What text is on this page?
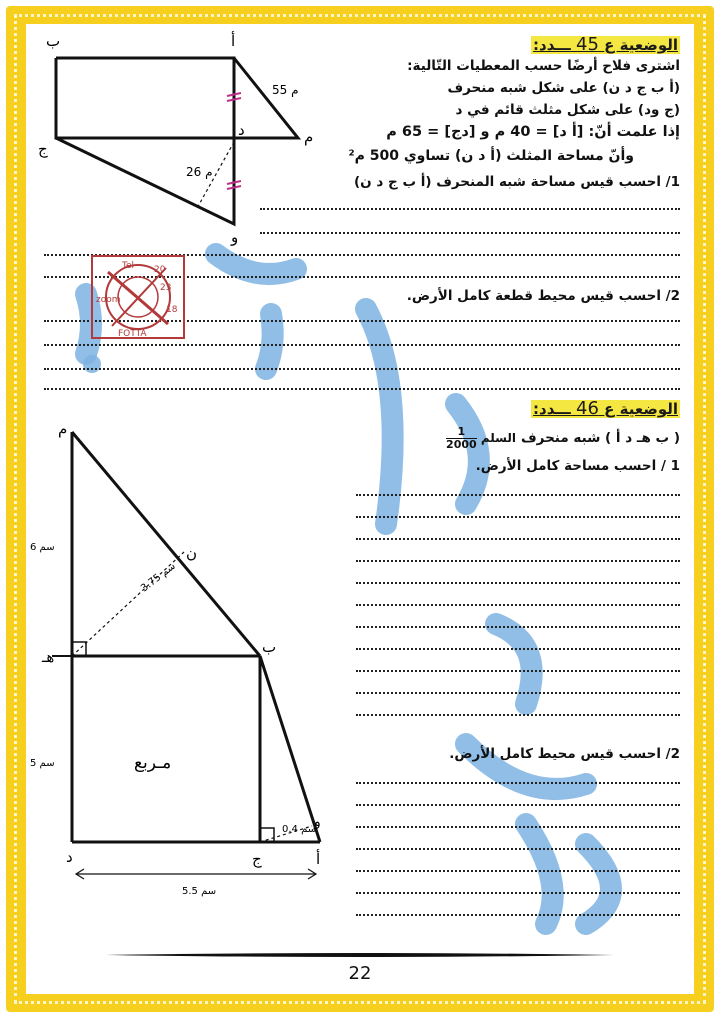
الوضعية ع 45 ـــدد:
اشترى فلاح أرضًا حسب المعطيات التّالية:
(أ ب ج د ن) على شكل شبه منحرف
(ج ود) على شكل مثلث قائم في د
إذا علمت أنّ: [أ د] = 40 م و [دج] = 65 م
وأنّ مساحة المثلث (أ د ن) تساوي 500 م²
1/ احسب قيس مساحة شبه المنحرف (أ ب ج د ن)
2/ احسب قيس محيط قطعة كامل الأرض.
ب	أ
ج
د	م
و
55 م
26 م
Tel 20
23
18
zoom
FOTTA
الوضعية ع 46 ـــدد:
( ب هـ د أ ) شبه منحرف
السلم
$\frac{1}{2000}$
1 / احسب مساحة كامل الأرض.
2/ احسب قيس محيط كامل الأرض.
م
ن
ب
هـ
د	ج	أ
و
مـربع
6 سم
5 سم
3.75 سم
0.4 سم
5.5 سم
22
